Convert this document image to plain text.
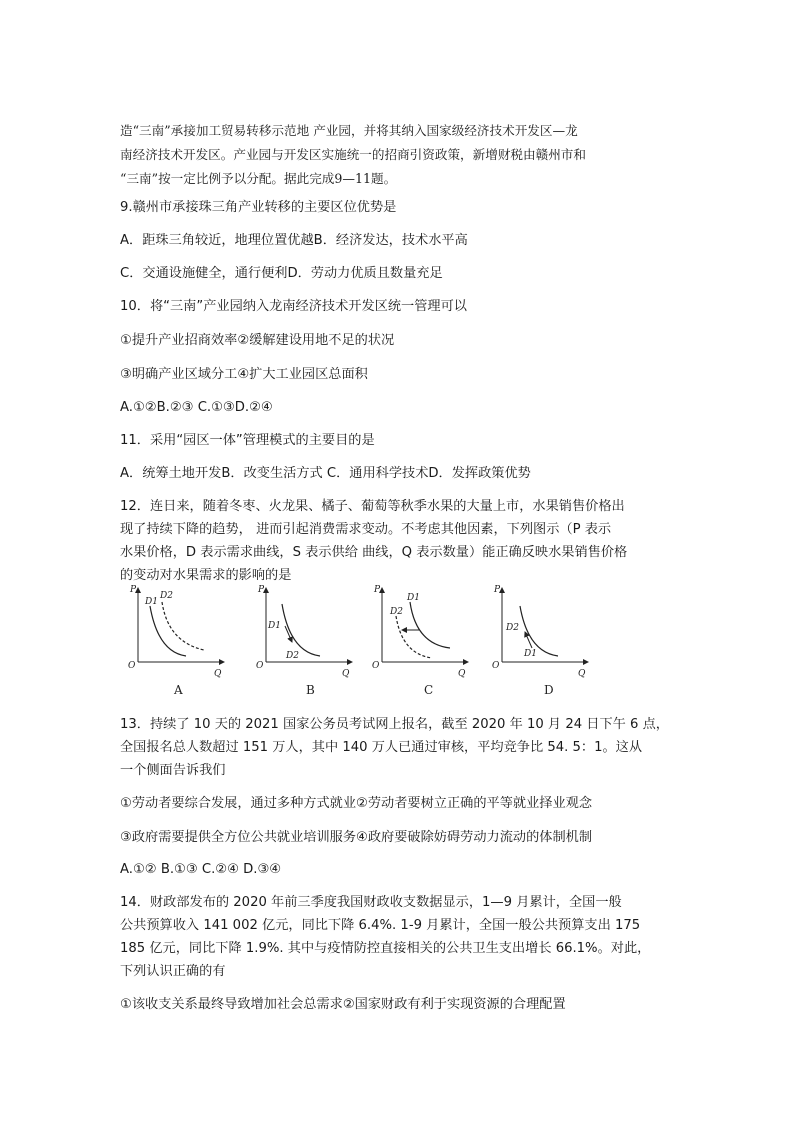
造“三南”承接加工贸易转移示范地 产业园，并将其纳入国家级经济技术开发区—龙
南经济技术开发区。产业园与开发区实施统一的招商引资政策，新增财税由赣州市和
“三南”按一定比例予以分配。据此完成9—11题。
9.赣州市承接珠三角产业转移的主要区位优势是
A．距珠三角较近，地理位置优越B．经济发达，技术水平高
C．交通设施健全，通行便利D．劳动力优质且数量充足
10．将“三南”产业园纳入龙南经济技术开发区统一管理可以
①提升产业招商效率②缓解建设用地不足的状况
③明确产业区域分工④扩大工业园区总面积
A.①②B.②③ C.①③D.②④
11．采用“园区一体”管理模式的主要目的是
A．统筹土地开发B．改变生活方式 C．通用科学技术D．发挥政策优势
12．连日来，随着冬枣、火龙果、橘子、葡萄等秋季水果的大量上市，水果销售价格出
现了持续下降的趋势， 进而引起消费需求变动。不考虑其他因素，下列图示（P 表示
水果价格，D 表示需求曲线，S 表示供给 曲线，Q 表示数量）能正确反映水果销售价格
的变动对水果需求的影响的是
P
O
Q
D1
D2
A
P
O
Q
D1
D2
B
P
O
Q
D1
D2
C
P
O
Q
D2
D1
D
13．持续了 10 天的 2021 国家公务员考试网上报名，截至 2020 年 10 月 24 日下午 6 点，
全国报名总人数超过 151 万人，其中 140 万人已通过审核，平均竞争比 54. 5：1。这从
一个侧面告诉我们
①劳动者要综合发展，通过多种方式就业②劳动者要树立正确的平等就业择业观念
③政府需要提供全方位公共就业培训服务④政府要破除妨碍劳动力流动的体制机制
A.①② B.①③ C.②④ D.③④
14．财政部发布的 2020 年前三季度我国财政收支数据显示，1—9 月累计，全国一般
公共预算收入 141 002 亿元，同比下降 6.4%. 1-9 月累计，全国一般公共预算支出 175
185 亿元，同比下降 1.9%. 其中与疫情防控直接相关的公共卫生支出增长 66.1%。对此，
下列认识正确的有
①该收支关系最终导致增加社会总需求②国家财政有利于实现资源的合理配置
